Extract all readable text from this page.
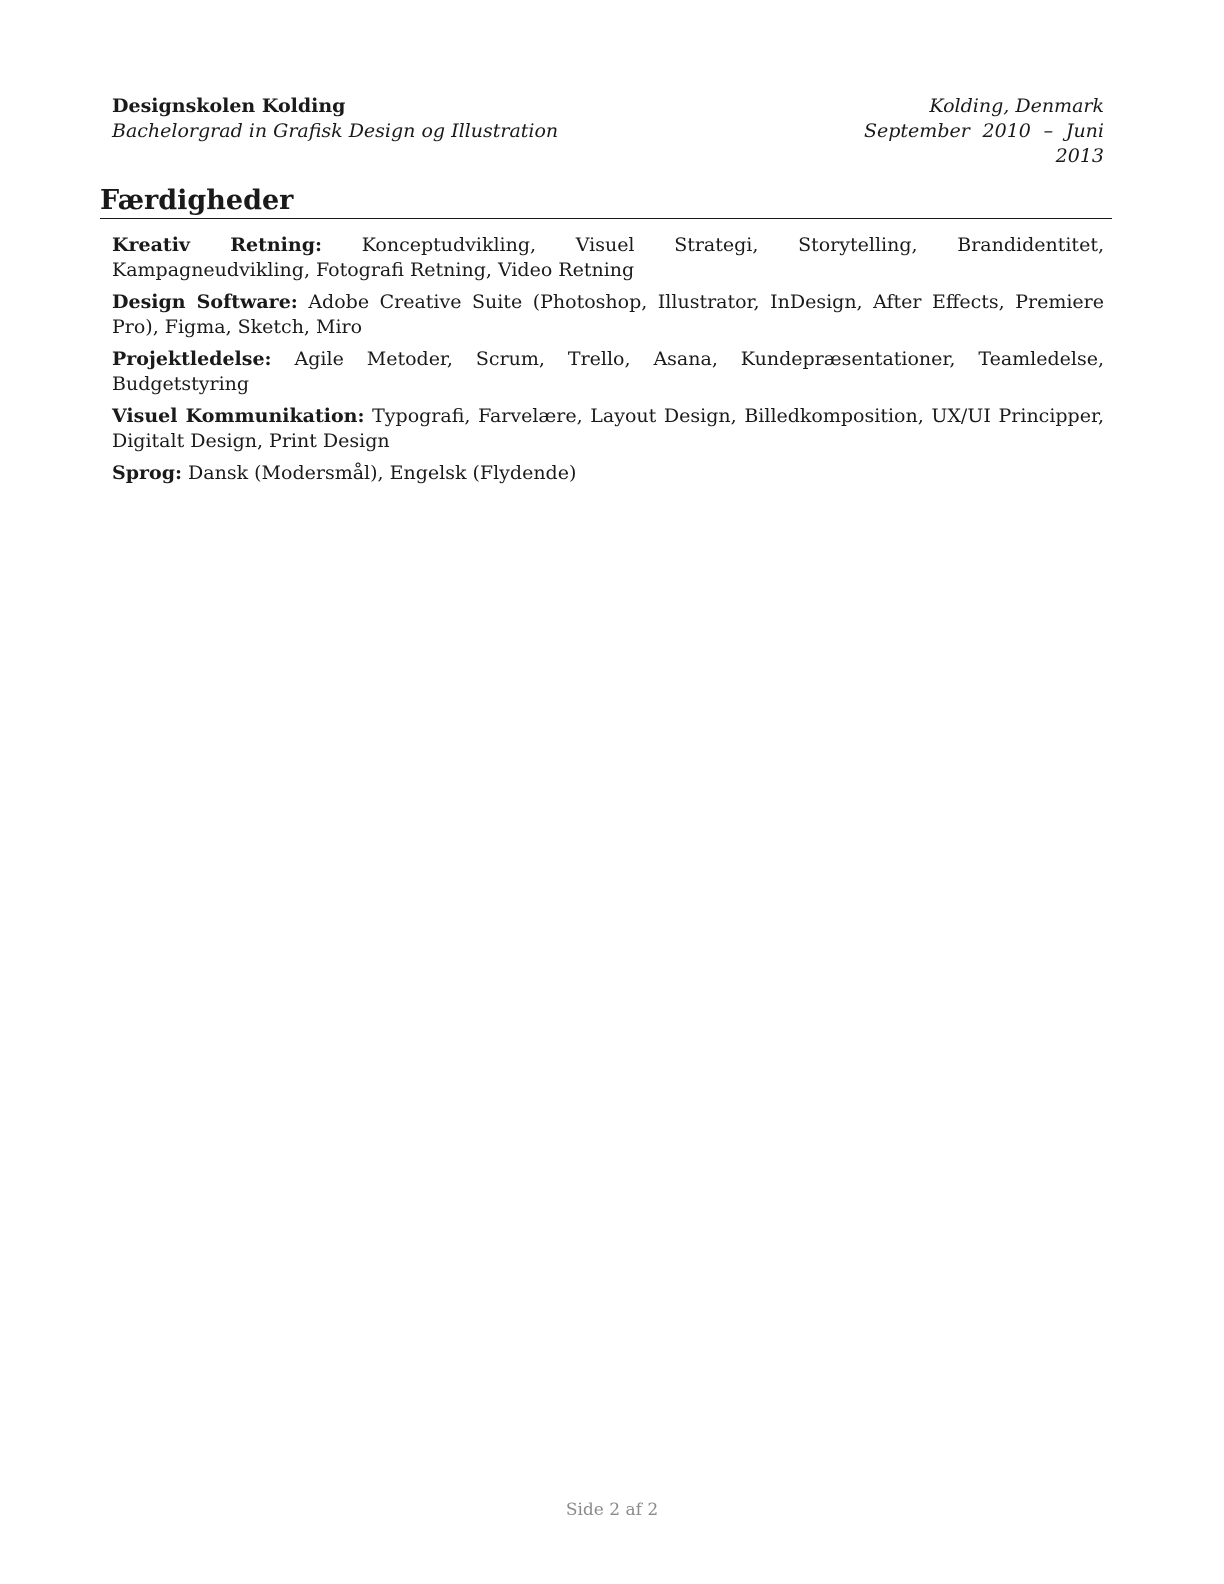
Designskolen Kolding
Bachelorgrad in Grafisk Design og Illustration
Kolding, Denmark
September 2010 – Juni 2013
Færdigheder

Kreativ Retning: Konceptudvikling, Visuel Strategi, Storytelling, Brandidentitet, Kampagneudvikling, Fotografi Retning, Video Retning

Design Software: Adobe Creative Suite (Photoshop, Illustrator, InDesign, After Effects, Premiere Pro), Figma, Sketch, Miro

Projektledelse: Agile Metoder, Scrum, Trello, Asana, Kundepræsentationer, Teamledelse, Budgetstyring

Visuel Kommunikation: Typografi, Farvelære, Layout Design, Billedkomposition, UX/UI Principper, Digitalt Design, Print Design

Sprog: Dansk (Modersmål), Engelsk (Flydende)

Side 2 af 2
